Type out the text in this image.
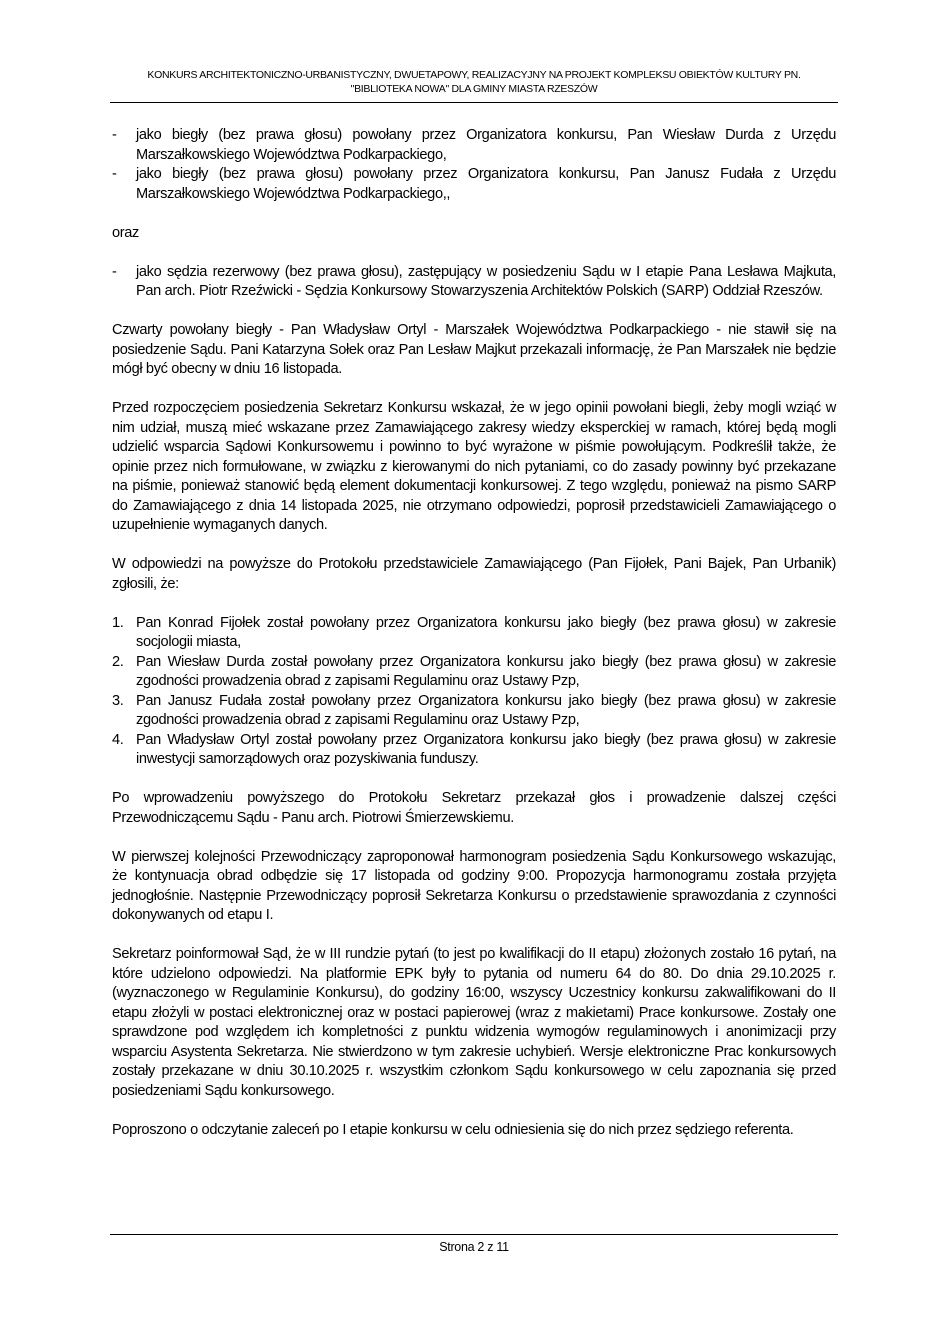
KONKURS ARCHITEKTONICZNO-URBANISTYCZNY, DWUETAPOWY, REALIZACYJNY NA PROJEKT KOMPLEKSU OBIEKTÓW KULTURY PN.
"BIBLIOTEKA NOWA" DLA GMINY MIASTA RZESZÓW
- jako biegły (bez prawa głosu) powołany przez Organizatora konkursu, Pan Wiesław Durda z Urzędu Marszałkowskiego Województwa Podkarpackiego,
- jako biegły (bez prawa głosu) powołany przez Organizatora konkursu, Pan Janusz Fudała z Urzędu Marszałkowskiego Województwa Podkarpackiego,,

oraz

- jako sędzia rezerwowy (bez prawa głosu), zastępujący w posiedzeniu Sądu w I etapie Pana Lesława Majkuta, Pan arch. Piotr Rzeźwicki - Sędzia Konkursowy Stowarzyszenia Architektów Polskich (SARP) Oddział Rzeszów.

Czwarty powołany biegły - Pan Władysław Ortyl - Marszałek Województwa Podkarpackiego - nie stawił się na posiedzenie Sądu. Pani Katarzyna Sołek oraz Pan Lesław Majkut przekazali informację, że Pan Marszałek nie będzie mógł być obecny w dniu 16 listopada.

Przed rozpoczęciem posiedzenia Sekretarz Konkursu wskazał, że w jego opinii powołani biegli, żeby mogli wziąć w nim udział, muszą mieć wskazane przez Zamawiającego zakresy wiedzy eksperckiej w ramach, której będą mogli udzielić wsparcia Sądowi Konkursowemu i powinno to być wyrażone w piśmie powołującym. Podkreślił także, że opinie przez nich formułowane, w związku z kierowanymi do nich pytaniami, co do zasady powinny być przekazane na piśmie, ponieważ stanowić będą element dokumentacji konkursowej. Z tego względu, ponieważ na pismo SARP do Zamawiającego z dnia 14 listopada 2025, nie otrzymano odpowiedzi, poprosił przedstawicieli Zamawiającego o uzupełnienie wymaganych danych.

W odpowiedzi na powyższe do Protokołu przedstawiciele Zamawiającego (Pan Fijołek, Pani Bajek, Pan Urbanik) zgłosili, że:

1. Pan Konrad Fijołek został powołany przez Organizatora konkursu jako biegły (bez prawa głosu) w zakresie socjologii miasta,
2. Pan Wiesław Durda został powołany przez Organizatora konkursu jako biegły (bez prawa głosu) w zakresie zgodności prowadzenia obrad z zapisami Regulaminu oraz Ustawy Pzp,
3. Pan Janusz Fudała został powołany przez Organizatora konkursu jako biegły (bez prawa głosu) w zakresie zgodności prowadzenia obrad z zapisami Regulaminu oraz Ustawy Pzp,
4. Pan Władysław Ortyl został powołany przez Organizatora konkursu jako biegły (bez prawa głosu) w zakresie inwestycji samorządowych oraz pozyskiwania funduszy.

Po wprowadzeniu powyższego do Protokołu Sekretarz przekazał głos i prowadzenie dalszej części Przewodniczącemu Sądu - Panu arch. Piotrowi Śmierzewskiemu.

W pierwszej kolejności Przewodniczący zaproponował harmonogram posiedzenia Sądu Konkursowego wskazując, że kontynuacja obrad odbędzie się 17 listopada od godziny 9:00. Propozycja harmonogramu została przyjęta jednogłośnie. Następnie Przewodniczący poprosił Sekretarza Konkursu o przedstawienie sprawozdania z czynności dokonywanych od etapu I.

Sekretarz poinformował Sąd, że w III rundzie pytań (to jest po kwalifikacji do II etapu) złożonych zostało 16 pytań, na które udzielono odpowiedzi. Na platformie EPK były to pytania od numeru 64 do 80. Do dnia 29.10.2025 r. (wyznaczonego w Regulaminie Konkursu), do godziny 16:00, wszyscy Uczestnicy konkursu zakwalifikowani do II etapu złożyli w postaci elektronicznej oraz w postaci papierowej (wraz z makietami) Prace konkursowe. Zostały one sprawdzone pod względem ich kompletności z punktu widzenia wymogów regulaminowych i anonimizacji przy wsparciu Asystenta Sekretarza. Nie stwierdzono w tym zakresie uchybień. Wersje elektroniczne Prac konkursowych zostały przekazane w dniu 30.10.2025 r. wszystkim członkom Sądu konkursowego w celu zapoznania się przed posiedzeniami Sądu konkursowego.

Poproszono o odczytanie zaleceń po I etapie konkursu w celu odniesienia się do nich przez sędziego referenta.

Strona 2 z 11
